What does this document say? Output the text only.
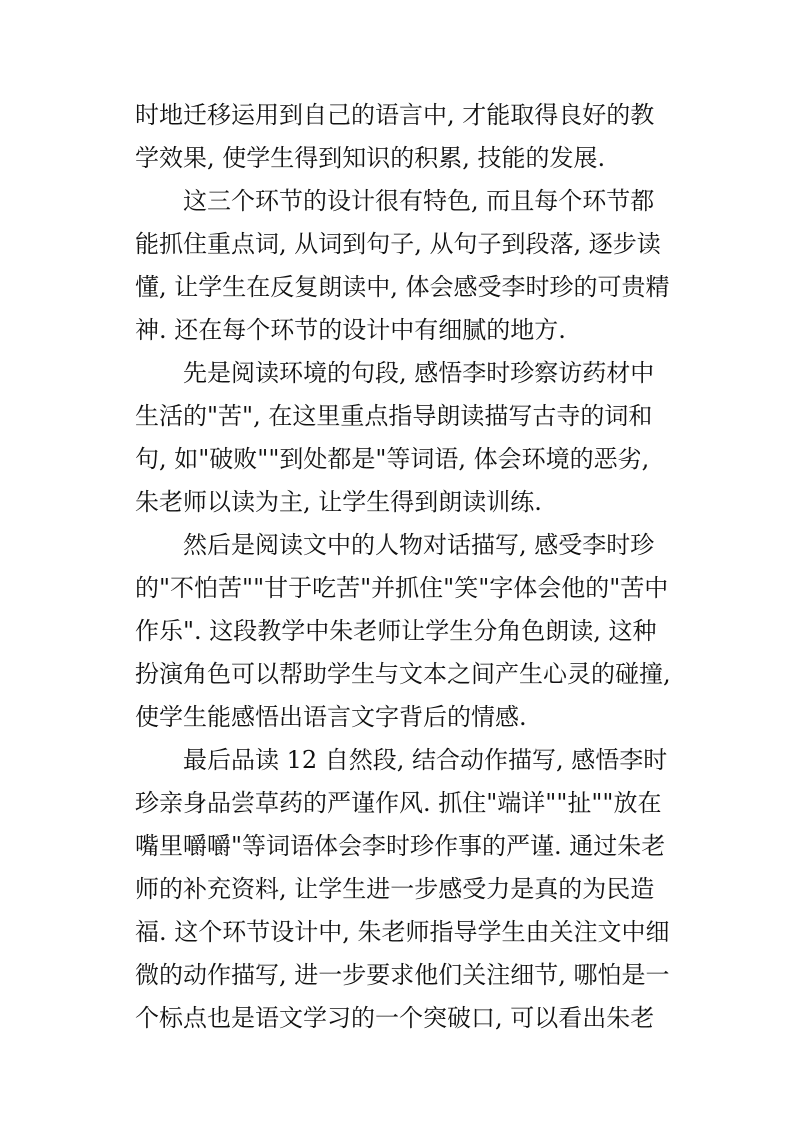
时地迁移运用到自己的语言中, 才能取得良好的教
学效果, 使学生得到知识的积累, 技能的发展.
这三个环节的设计很有特色, 而且每个环节都
能抓住重点词, 从词到句子, 从句子到段落, 逐步读
懂, 让学生在反复朗读中, 体会感受李时珍的可贵精
神. 还在每个环节的设计中有细腻的地方.
先是阅读环境的句段, 感悟李时珍察访药材中
生活的"苦", 在这里重点指导朗读描写古寺的词和
句, 如"破败""到处都是"等词语, 体会环境的恶劣,
朱老师以读为主, 让学生得到朗读训练.
然后是阅读文中的人物对话描写, 感受李时珍
的"不怕苦""甘于吃苦"并抓住"笑"字体会他的"苦中
作乐". 这段教学中朱老师让学生分角色朗读, 这种
扮演角色可以帮助学生与文本之间产生心灵的碰撞,
使学生能感悟出语言文字背后的情感.
最后品读 12 自然段, 结合动作描写, 感悟李时
珍亲身品尝草药的严谨作风. 抓住"端详""扯""放在
嘴里嚼嚼"等词语体会李时珍作事的严谨. 通过朱老
师的补充资料, 让学生进一步感受力是真的为民造
福. 这个环节设计中, 朱老师指导学生由关注文中细
微的动作描写, 进一步要求他们关注细节, 哪怕是一
个标点也是语文学习的一个突破口, 可以看出朱老
